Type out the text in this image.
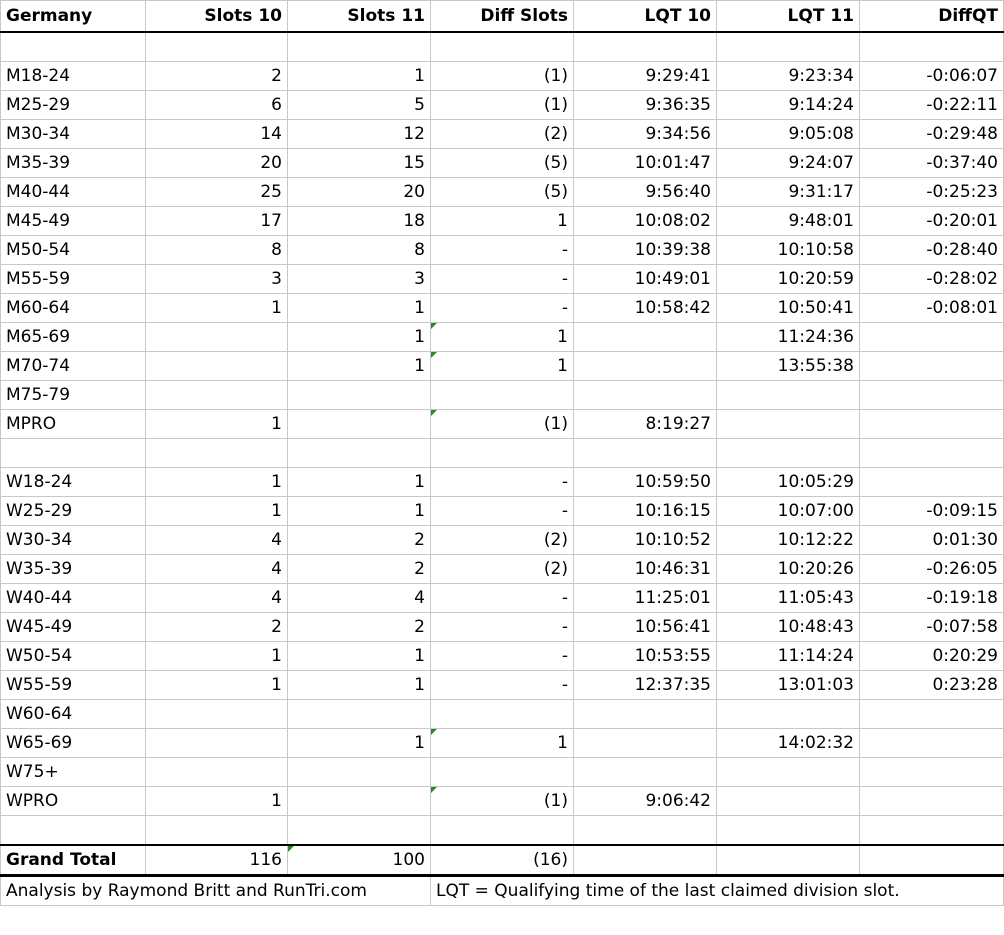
Germany	Slots 10	Slots 11	Diff Slots	LQT 10	LQT 11	DiffQT

M18-24	2	1	(1)	9:29:41	9:23:34	-0:06:07
M25-29	6	5	(1)	9:36:35	9:14:24	-0:22:11
M30-34	14	12	(2)	9:34:56	9:05:08	-0:29:48
M35-39	20	15	(5)	10:01:47	9:24:07	-0:37:40
M40-44	25	20	(5)	9:56:40	9:31:17	-0:25:23
M45-49	17	18	1	10:08:02	9:48:01	-0:20:01
M50-54	8	8	-	10:39:38	10:10:58	-0:28:40
M55-59	3	3	-	10:49:01	10:20:59	-0:28:02
M60-64	1	1	-	10:58:42	10:50:41	-0:08:01
M65-69		1	1		11:24:36	
M70-74		1	1		13:55:38	
M75-79						
MPRO	1		(1)	8:19:27		

W18-24	1	1	-	10:59:50	10:05:29	
W25-29	1	1	-	10:16:15	10:07:00	-0:09:15
W30-34	4	2	(2)	10:10:52	10:12:22	0:01:30
W35-39	4	2	(2)	10:46:31	10:20:26	-0:26:05
W40-44	4	4	-	11:25:01	11:05:43	-0:19:18
W45-49	2	2	-	10:56:41	10:48:43	-0:07:58
W50-54	1	1	-	10:53:55	11:14:24	0:20:29
W55-59	1	1	-	12:37:35	13:01:03	0:23:28
W60-64						
W65-69		1	1		14:02:32	
W75+						
WPRO	1		(1)	9:06:42		

Grand Total	116	100	(16)			
Analysis by Raymond Britt and RunTri.com			LQT = Qualifying time of the last claimed division slot.			
